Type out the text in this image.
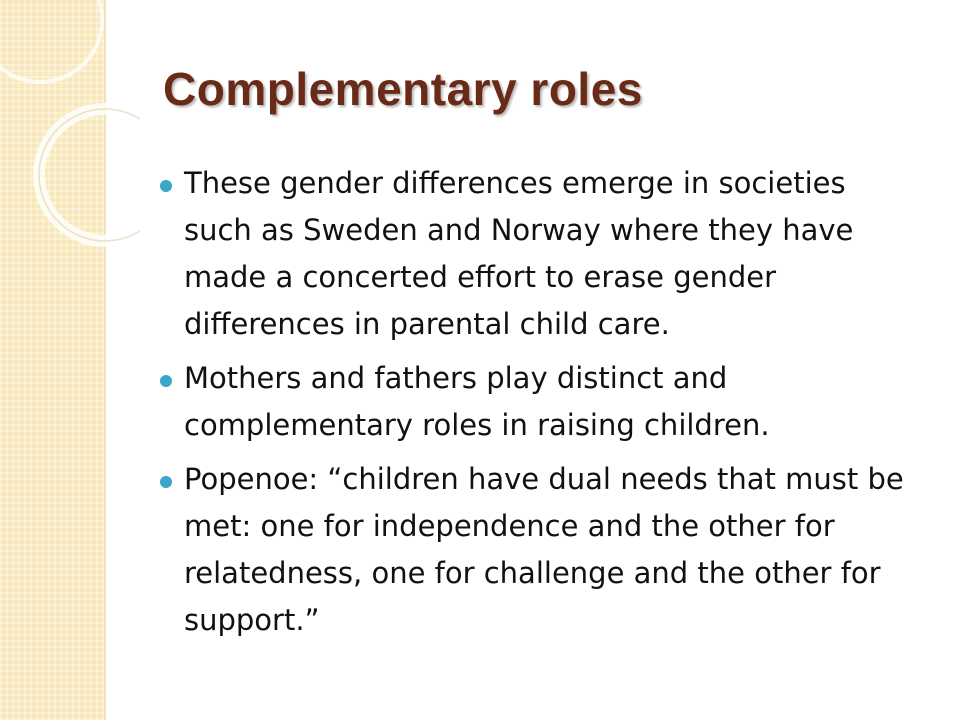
Complementary roles
These gender differences emerge in societies such as Sweden and Norway where they have made a concerted effort to erase gender differences in parental child care.
Mothers and fathers play distinct and complementary roles in raising children.
Popenoe: “children have dual needs that must be met: one for independence and the other for relatedness, one for challenge and the other for support.”
